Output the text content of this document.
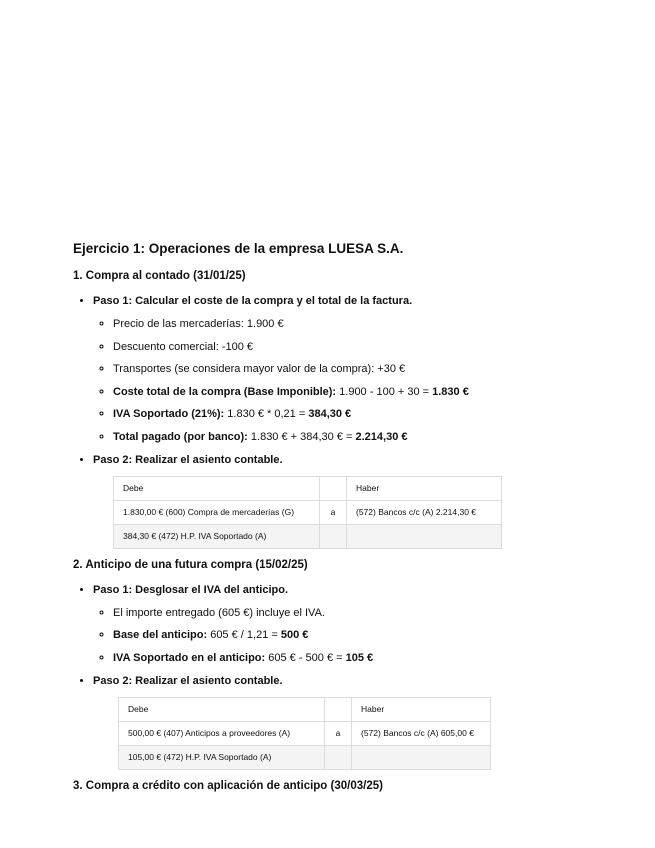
Ejercicio 1: Operaciones de la empresa LUESA S.A.
1. Compra al contado (31/01/25)
• Paso 1: Calcular el coste de la compra y el total de la factura.
◦ Precio de las mercaderías: 1.900 €
◦ Descuento comercial: -100 €
◦ Transportes (se considera mayor valor de la compra): +30 €
◦ Coste total de la compra (Base Imponible): 1.900 - 100 + 30 = 1.830 €
◦ IVA Soportado (21%): 1.830 € * 0,21 = 384,30 €
◦ Total pagado (por banco): 1.830 € + 384,30 € = 2.214,30 €
• Paso 2: Realizar el asiento contable.
Debe		Haber
1.830,00 € (600) Compra de mercaderías (G)	a	(572) Bancos c/c (A) 2.214,30 €
384,30 € (472) H.P. IVA Soportado (A)		
2. Anticipo de una futura compra (15/02/25)
• Paso 1: Desglosar el IVA del anticipo.
◦ El importe entregado (605 €) incluye el IVA.
◦ Base del anticipo: 605 € / 1,21 = 500 €
◦ IVA Soportado en el anticipo: 605 € - 500 € = 105 €
• Paso 2: Realizar el asiento contable.
Debe		Haber
500,00 € (407) Anticipos a proveedores (A)	a	(572) Bancos c/c (A) 605,00 €
105,00 € (472) H.P. IVA Soportado (A)		
3. Compra a crédito con aplicación de anticipo (30/03/25)
